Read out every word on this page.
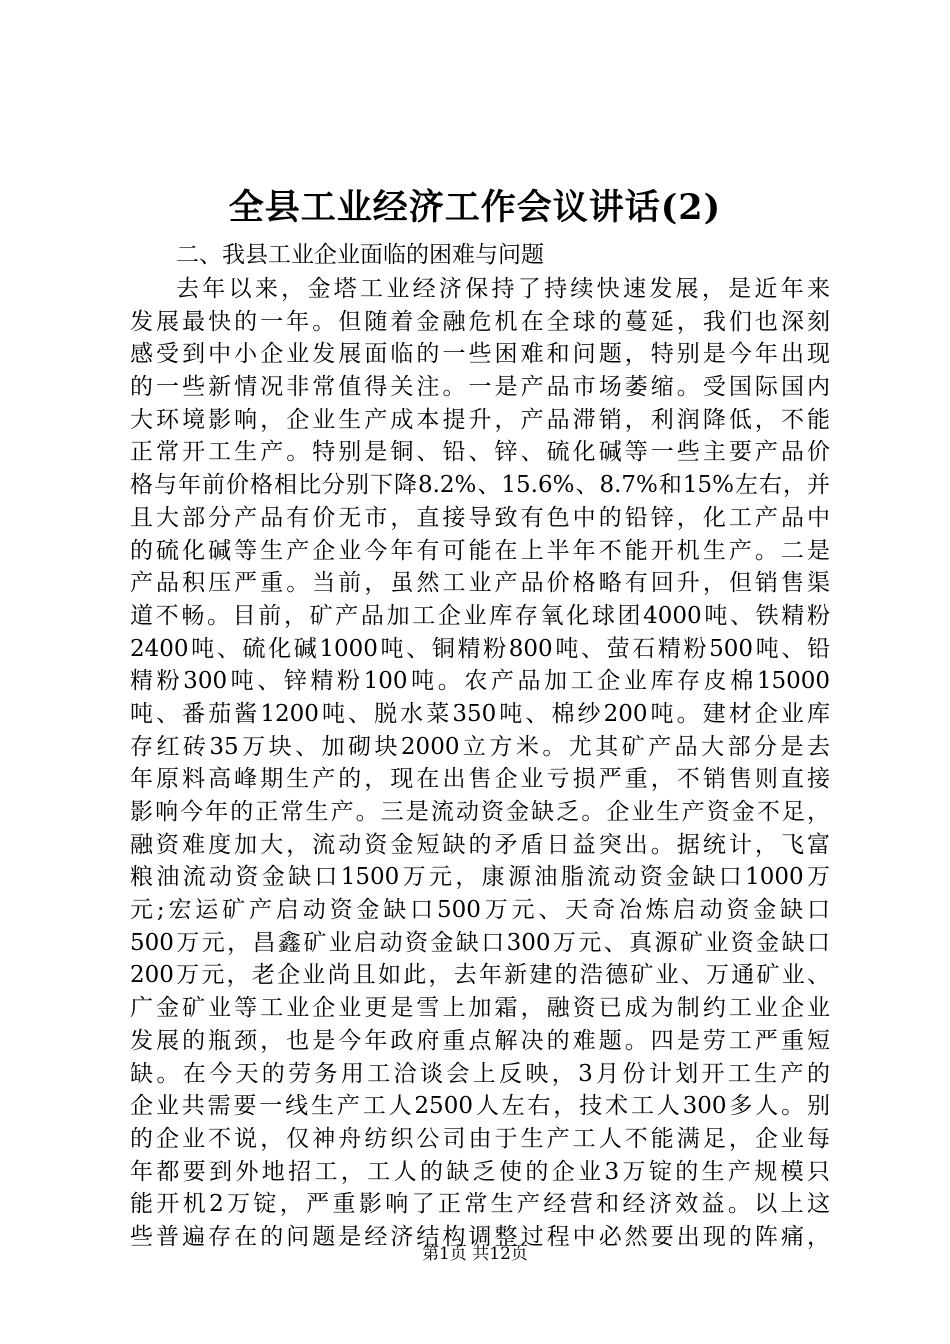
全县工业经济工作会议讲话(2)

二、我县工业企业面临的困难与问题

去年以来，金塔工业经济保持了持续快速发展，是近年来
发展最快的一年。但随着金融危机在全球的蔓延，我们也深刻
感受到中小企业发展面临的一些困难和问题，特别是今年出现
的一些新情况非常值得关注。一是产品市场萎缩。受国际国内
大环境影响，企业生产成本提升，产品滞销，利润降低，不能
正常开工生产。特别是铜、铅、锌、硫化碱等一些主要产品价
格与年前价格相比分别下降8.2%、15.6%、8.7%和15%左右，并
且大部分产品有价无市，直接导致有色中的铅锌，化工产品中
的硫化碱等生产企业今年有可能在上半年不能开机生产。二是
产品积压严重。当前，虽然工业产品价格略有回升，但销售渠
道不畅。目前，矿产品加工企业库存氧化球团4000吨、铁精粉
2400吨、硫化碱1000吨、铜精粉800吨、萤石精粉500吨、铅
精粉300吨、锌精粉100吨。农产品加工企业库存皮棉15000
吨、番茄酱1200吨、脱水菜350吨、棉纱200吨。建材企业库
存红砖35万块、加砌块2000立方米。尤其矿产品大部分是去
年原料高峰期生产的，现在出售企业亏损严重，不销售则直接
影响今年的正常生产。三是流动资金缺乏。企业生产资金不足，
融资难度加大，流动资金短缺的矛盾日益突出。据统计，飞富
粮油流动资金缺口1500万元，康源油脂流动资金缺口1000万
元;宏运矿产启动资金缺口500万元、天奇冶炼启动资金缺口
500万元，昌鑫矿业启动资金缺口300万元、真源矿业资金缺口
200万元，老企业尚且如此，去年新建的浩德矿业、万通矿业、
广金矿业等工业企业更是雪上加霜，融资已成为制约工业企业
发展的瓶颈，也是今年政府重点解决的难题。四是劳工严重短
缺。在今天的劳务用工洽谈会上反映，3月份计划开工生产的
企业共需要一线生产工人2500人左右，技术工人300多人。别
的企业不说，仅神舟纺织公司由于生产工人不能满足，企业每
年都要到外地招工，工人的缺乏使的企业3万锭的生产规模只
能开机2万锭，严重影响了正常生产经营和经济效益。以上这
些普遍存在的问题是经济结构调整过程中必然要出现的阵痛，
第1页 共12页
